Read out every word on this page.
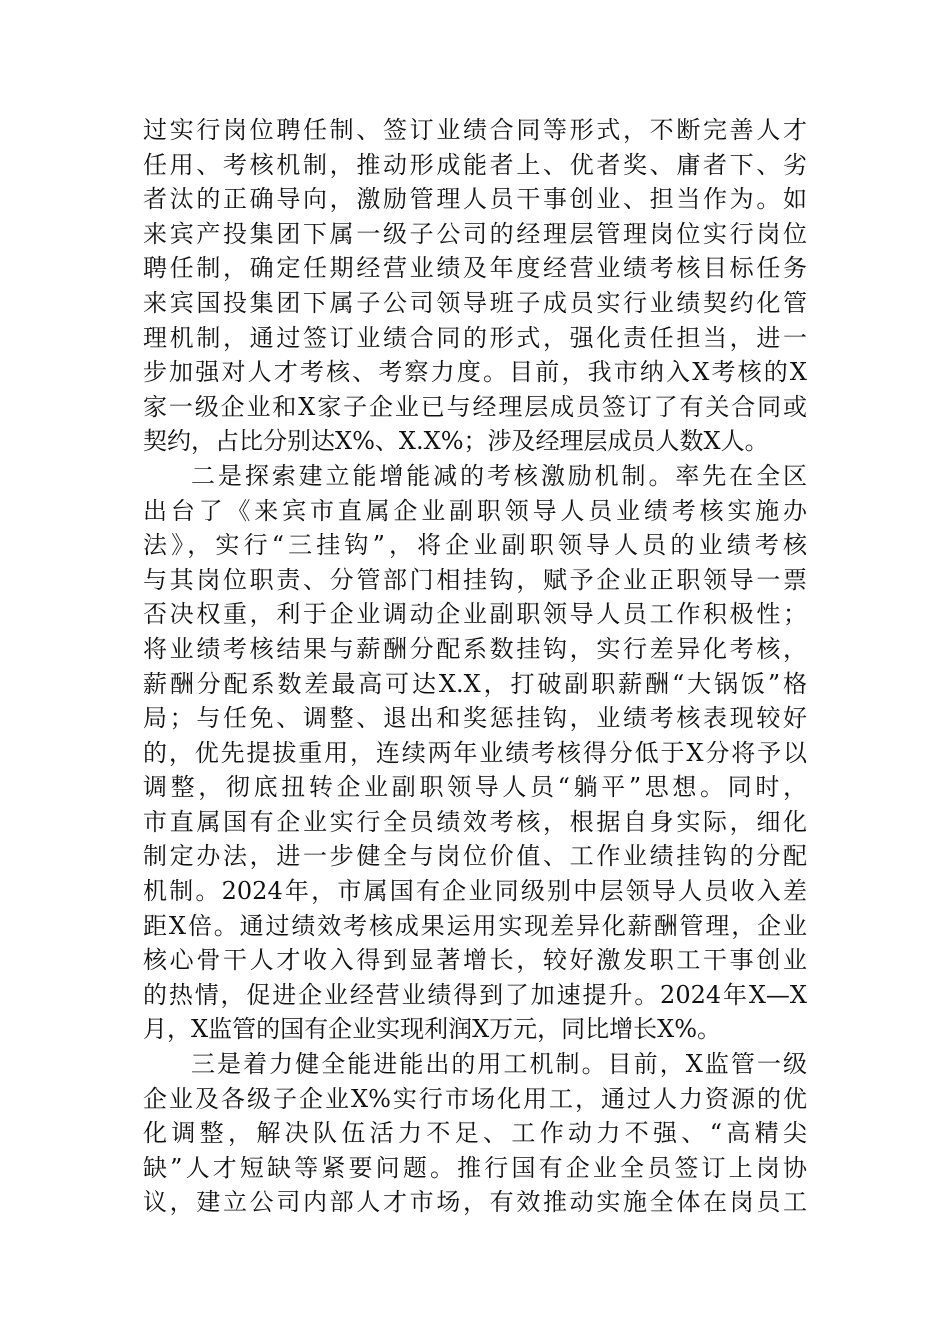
过实行岗位聘任制、签订业绩合同等形式，不断完善人才
任用、考核机制，推动形成能者上、优者奖、庸者下、劣
者汰的正确导向，激励管理人员干事创业、担当作为。如
来宾产投集团下属一级子公司的经理层管理岗位实行岗位
聘任制，确定任期经营业绩及年度经营业绩考核目标任务
来宾国投集团下属子公司领导班子成员实行业绩契约化管
理机制，通过签订业绩合同的形式，强化责任担当，进一
步加强对人才考核、考察力度。目前，我市纳入X考核的X
家一级企业和X家子企业已与经理层成员签订了有关合同或
契约，占比分别达X%、X.X%；涉及经理层成员人数X人。
二是探索建立能增能减的考核激励机制。率先在全区
出台了《来宾市直属企业副职领导人员业绩考核实施办
法》，实行“三挂钩”，将企业副职领导人员的业绩考核
与其岗位职责、分管部门相挂钩，赋予企业正职领导一票
否决权重，利于企业调动企业副职领导人员工作积极性；
将业绩考核结果与薪酬分配系数挂钩，实行差异化考核，
薪酬分配系数差最高可达X.X，打破副职薪酬“大锅饭”格
局；与任免、调整、退出和奖惩挂钩，业绩考核表现较好
的，优先提拔重用，连续两年业绩考核得分低于X分将予以
调整，彻底扭转企业副职领导人员“躺平”思想。同时，
市直属国有企业实行全员绩效考核，根据自身实际，细化
制定办法，进一步健全与岗位价值、工作业绩挂钩的分配
机制。2024年，市属国有企业同级别中层领导人员收入差
距X倍。通过绩效考核成果运用实现差异化薪酬管理，企业
核心骨干人才收入得到显著增长，较好激发职工干事创业
的热情，促进企业经营业绩得到了加速提升。2024年X—X
月，X监管的国有企业实现利润X万元，同比增长X%。
三是着力健全能进能出的用工机制。目前，X监管一级
企业及各级子企业X%实行市场化用工，通过人力资源的优
化调整，解决队伍活力不足、工作动力不强、“高精尖
缺”人才短缺等紧要问题。推行国有企业全员签订上岗协
议，建立公司内部人才市场，有效推动实施全体在岗员工
